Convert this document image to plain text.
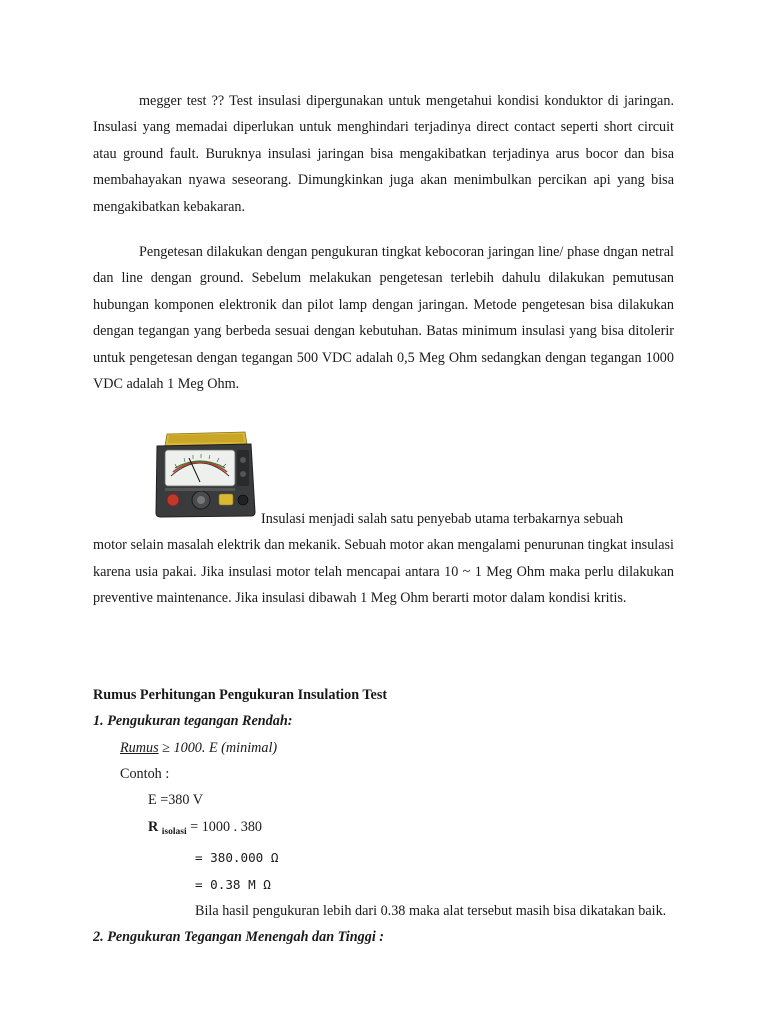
megger test ?? Test insulasi dipergunakan untuk mengetahui kondisi konduktor di jaringan. Insulasi yang memadai diperlukan untuk menghindari terjadinya direct contact seperti short circuit atau ground fault. Buruknya insulasi jaringan bisa mengakibatkan terjadinya arus bocor dan bisa membahayakan nyawa seseorang. Dimungkinkan juga akan menimbulkan percikan api yang bisa mengakibatkan kebakaran.

Pengetesan dilakukan dengan pengukuran tingkat kebocoran jaringan line/ phase dngan netral dan line dengan ground. Sebelum melakukan pengetesan terlebih dahulu dilakukan pemutusan hubungan komponen elektronik dan pilot lamp dengan jaringan. Metode pengetesan bisa dilakukan dengan tegangan yang berbeda sesuai dengan kebutuhan. Batas minimum insulasi yang bisa ditolerir untuk pengetesan dengan tegangan 500 VDC adalah 0,5 Meg Ohm sedangkan dengan tegangan 1000 VDC adalah 1 Meg Ohm.

Insulasi menjadi salah satu penyebab utama terbakarnya sebuah

motor selain masalah elektrik dan mekanik. Sebuah motor akan mengalami penurunan tingkat insulasi karena usia pakai. Jika insulasi motor telah mencapai antara 10 ~ 1 Meg Ohm maka perlu dilakukan preventive maintenance. Jika insulasi dibawah 1 Meg Ohm berarti motor dalam kondisi kritis.

Rumus Perhitungan Pengukuran Insulation Test

1. Pengukuran tegangan Rendah:

Rumus ≥ 1000. E (minimal)

Contoh :

E =380 V

R $_{isolasi}$ = 1000 . 380

= 380.000 Ω

= 0.38 M Ω

Bila hasil pengukuran lebih dari 0.38 maka alat tersebut masih bisa dikatakan baik.

2. Pengukuran Tegangan Menengah dan Tinggi :
